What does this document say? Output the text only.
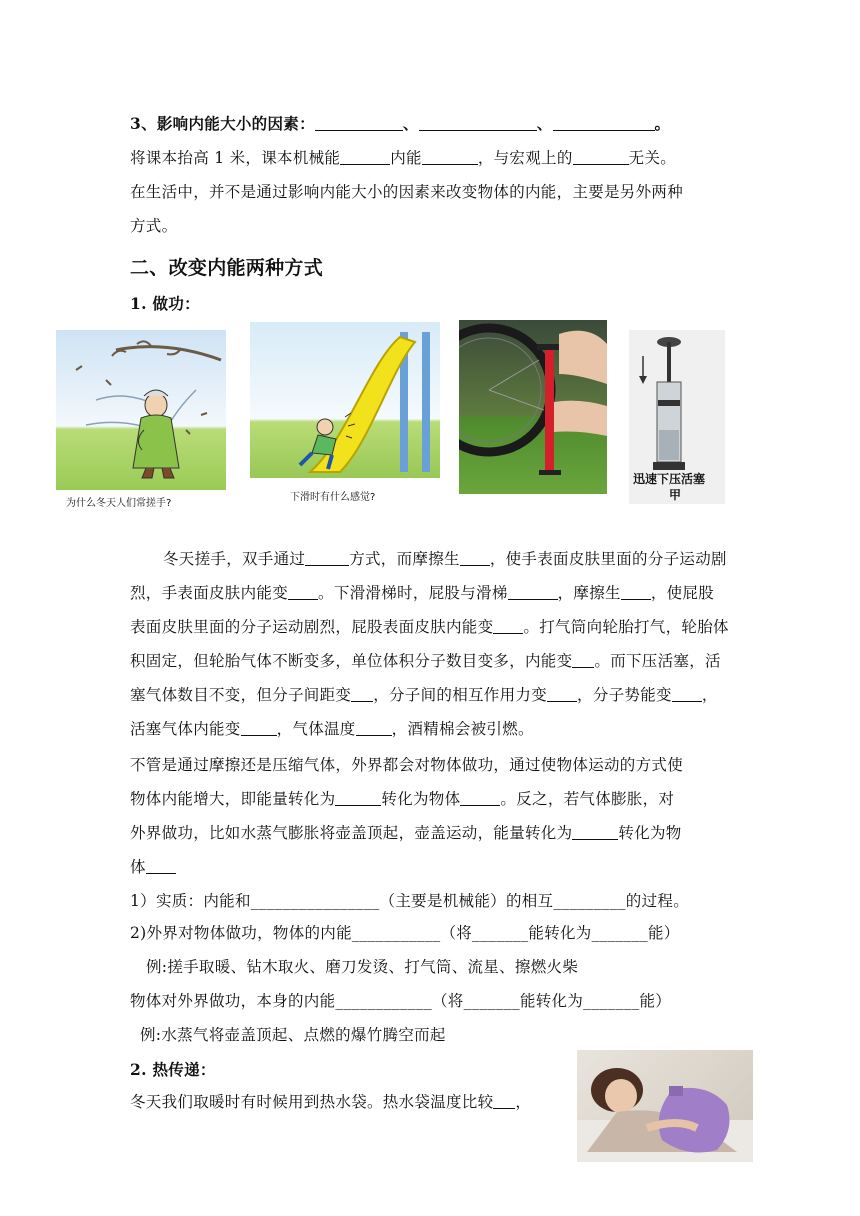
3、影响内能大小的因素：	、	、	。
将课本抬高 1 米，课本机械能	内能	，与宏观上的	无关。
在生活中，并不是通过影响内能大小的因素来改变物体的内能，主要是另外两种
方式。
二、改变内能两种方式
1. 做功：
为什么冬天人们常搓手?
下滑时有什么感觉?
迅速下压活塞
甲
冬天搓手，双手通过	方式，而摩擦生 ，使手表面皮肤里面的分子运动剧
烈，手表面皮肤内能变 。下滑滑梯时，屁股与滑梯	，摩擦生 ，使屁股
表面皮肤里面的分子运动剧烈，屁股表面皮肤内能变 。打气筒向轮胎打气，轮胎体
积固定，但轮胎气体不断变多，单位体积分子数目变多，内能变 。而下压活塞，活
塞气体数目不变，但分子间距变 ，分子间的相互作用力变 ，分子势能变 ，
活塞气体内能变 ，气体温度 ，酒精棉会被引燃。
不管是通过摩擦还是压缩气体，外界都会对物体做功，通过使物体运动的方式使
物体内能增大，即能量转化为	转化为物体	。反之，若气体膨胀，对
外界做功，比如水蒸气膨胀将壶盖顶起，壶盖运动，能量转化为	转化为物
体
1）实质：内能和________________（主要是机械能）的相互_________的过程。
2)外界对物体做功，物体的内能___________（将_______能转化为_______能）
例:搓手取暖、钻木取火、磨刀发烫、打气筒、流星、擦燃火柴
物体对外界做功，本身的内能____________（将_______能转化为_______能）
例:水蒸气将壶盖顶起、点燃的爆竹腾空而起
2. 热传递：
冬天我们取暖时有时候用到热水袋。热水袋温度比较 ，
